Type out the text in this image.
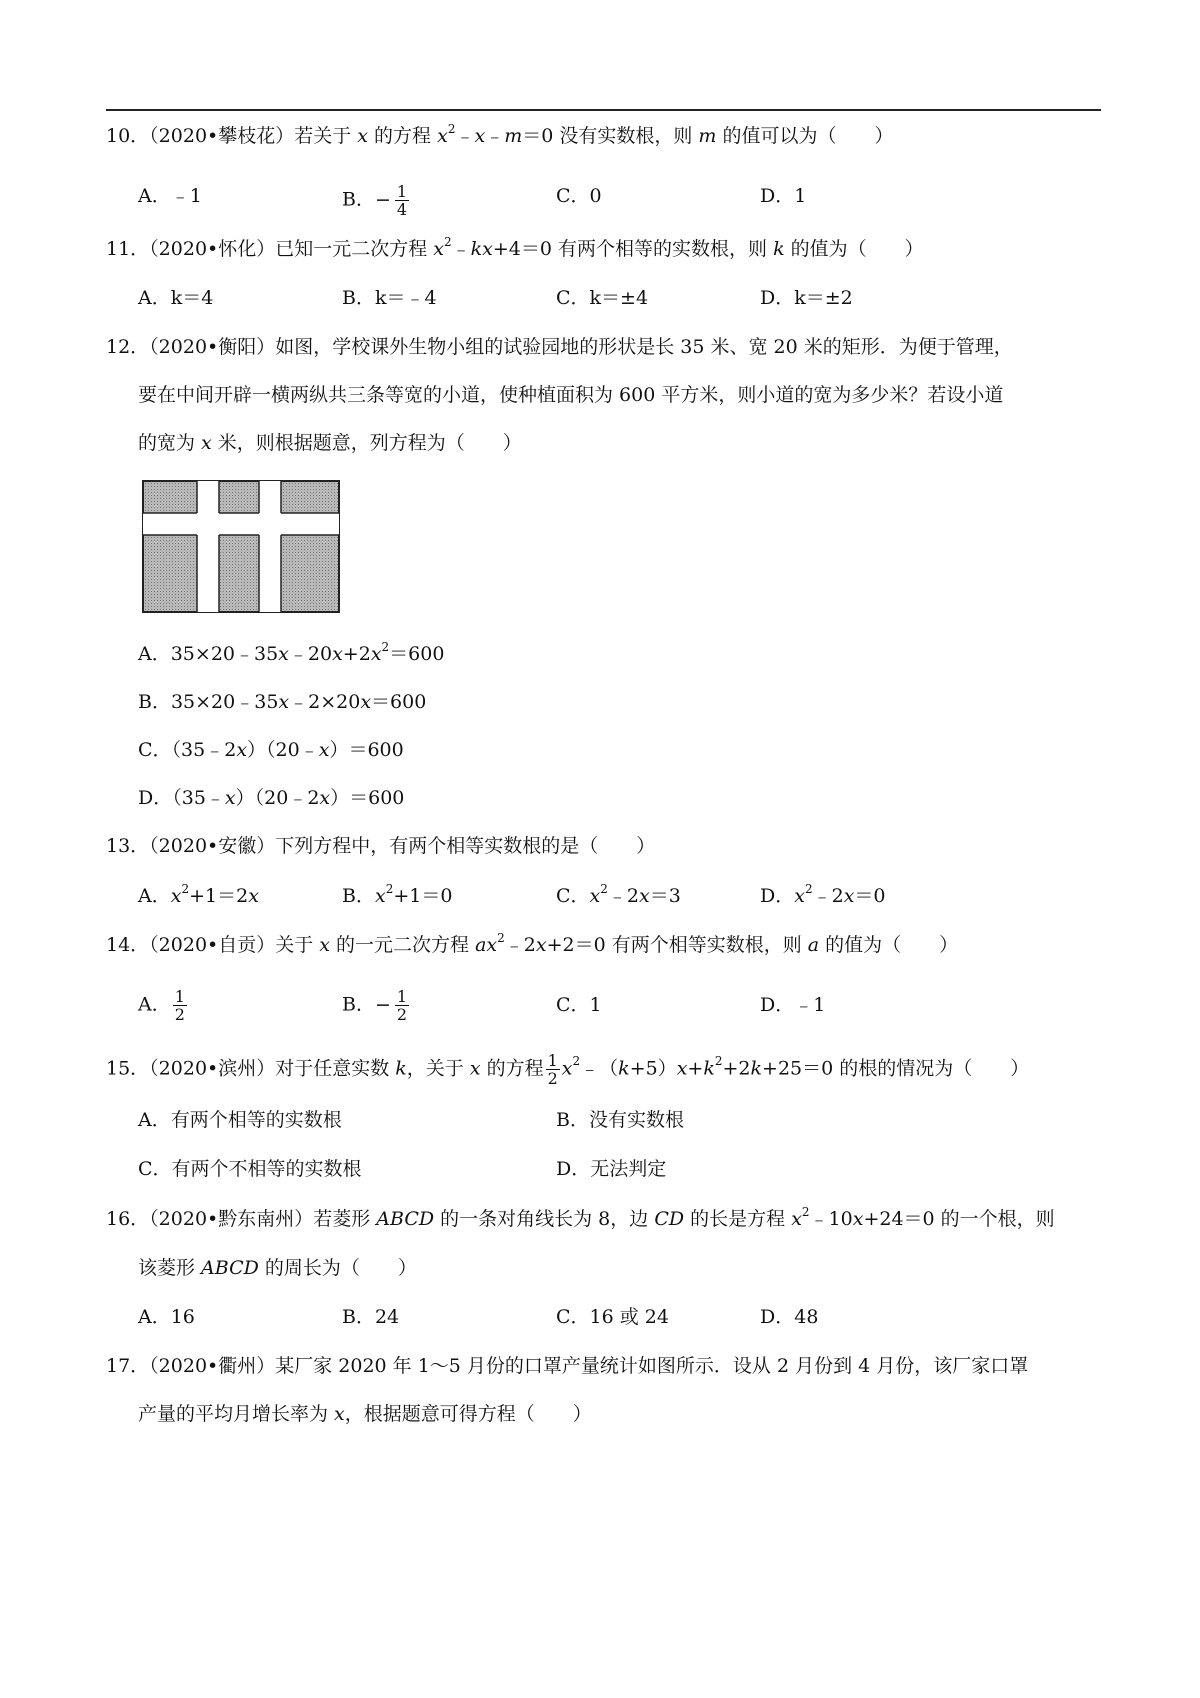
10．（2020•攀枝花）若关于 x 的方程 $x^2﹣x﹣m=0$ 没有实数根，则 m 的值可以为（　　）
A．﹣1	B．− $\frac{1}{4}$	C．0	D．1
11．（2020•怀化）已知一元二次方程 $x^2﹣kx+4=0$ 有两个相等的实数根，则 k 的值为（　　）
A．k＝4	B．k＝﹣4	C．k＝±4	D．k＝±2
12．（2020•衡阳）如图，学校课外生物小组的试验园地的形状是长 35 米、宽 20 米的矩形．为便于管理，
要在中间开辟一横两纵共三条等宽的小道，使种植面积为 600 平方米，则小道的宽为多少米？若设小道
的宽为 x 米，则根据题意，列方程为（　　）
A．$35\times 20﹣35x﹣20x+2x^2=600$
B．35×20﹣35x﹣2×20x＝600
C．（35﹣2x）（20﹣x）＝600
D．（35﹣x）（20﹣2x）＝600
13．（2020•安徽）下列方程中，有两个相等实数根的是（　　）
A．$x^2+1=2x$	B．$x^2+1=0$	C．$x^2﹣2x=3$	D．$x^2﹣2x=0$
14．（2020•自贡）关于 x 的一元二次方程 $ax^2﹣2x+2=0$ 有两个相等实数根，则 a 的值为（　　）
A． $\frac{1}{2}$	B．− $\frac{1}{2}$	C．1	D．﹣1
15．（2020•滨州）对于任意实数 k，关于 x 的方程 $\frac{1}{2}$ $x^2﹣(k+5)x+k^2+2k+25=0$ 的根的情况为（　　）
A．有两个相等的实数根	B．没有实数根
C．有两个不相等的实数根	D．无法判定
16．（2020•黔东南州）若菱形 ABCD 的一条对角线长为 8，边 CD 的长是方程 $x^2﹣10x+24=0$ 的一个根，则
该菱形 ABCD 的周长为（　　）
A．16	B．24	C．16 或 24	D．48
17．（2020•衢州）某厂家 2020 年 1～5 月份的口罩产量统计如图所示．设从 2 月份到 4 月份，该厂家口罩
产量的平均月增长率为 x，根据题意可得方程（　　）
